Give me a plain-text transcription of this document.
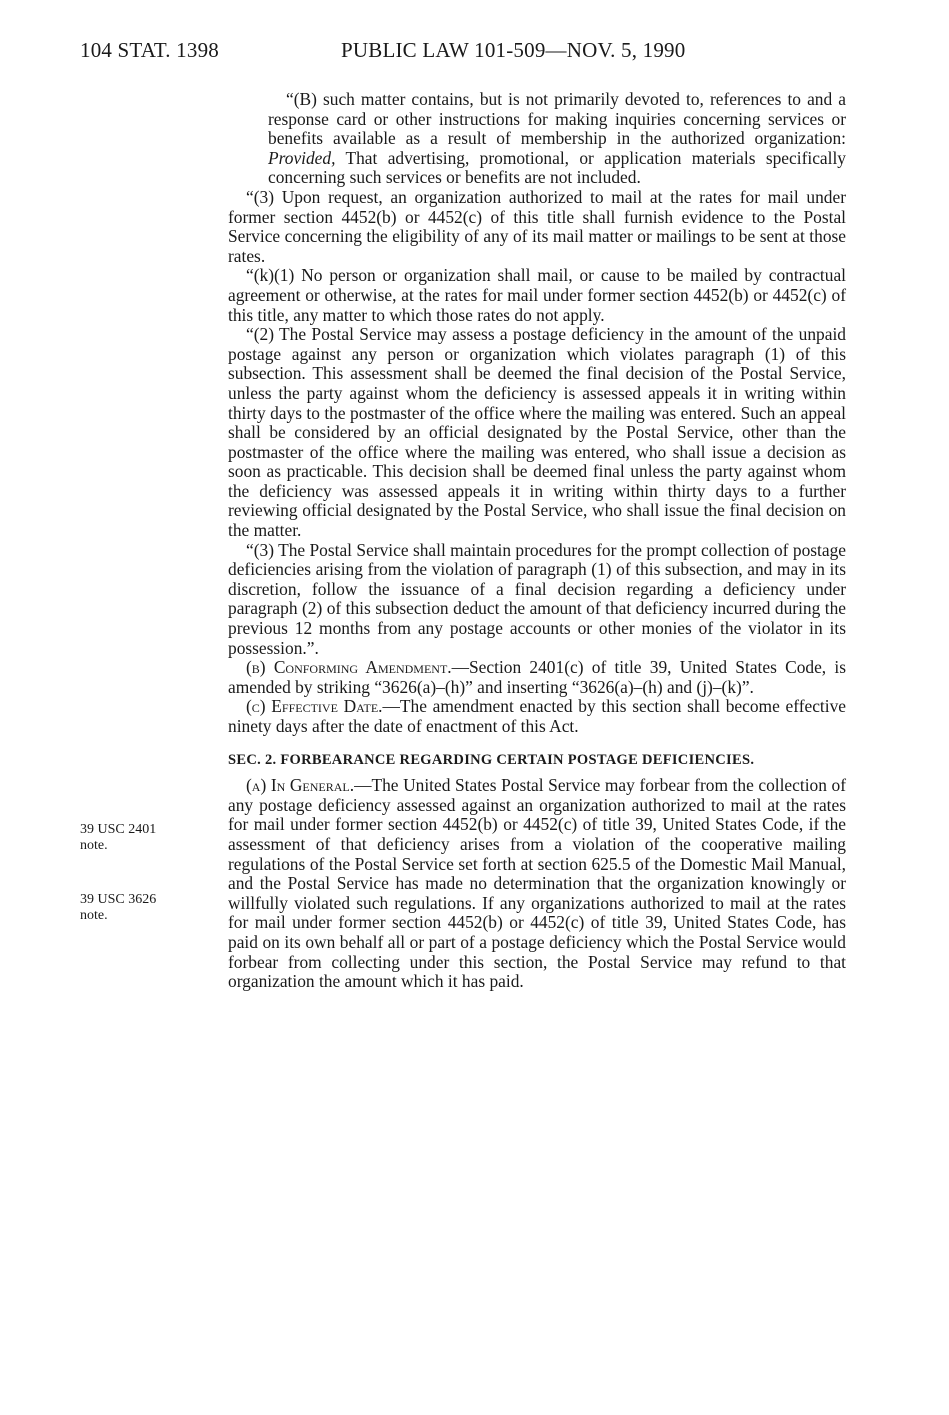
104 STAT. 1398	PUBLIC LAW 101-509—NOV. 5, 1990
39 USC 2401
note.
39 USC 3626
note.

“(B) such matter contains, but is not primarily devoted to, references to and a response card or other instructions for making inquiries concerning services or benefits available as a result of membership in the authorized organization: Provided, That advertising, promotional, or application materials specifically concerning such services or benefits are not included.

“(3) Upon request, an organization authorized to mail at the rates for mail under former section 4452(b) or 4452(c) of this title shall furnish evidence to the Postal Service concerning the eligibility of any of its mail matter or mailings to be sent at those rates.

“(k)(1) No person or organization shall mail, or cause to be mailed by contractual agreement or otherwise, at the rates for mail under former section 4452(b) or 4452(c) of this title, any matter to which those rates do not apply.

“(2) The Postal Service may assess a postage deficiency in the amount of the unpaid postage against any person or organization which violates paragraph (1) of this subsection. This assessment shall be deemed the final decision of the Postal Service, unless the party against whom the deficiency is assessed appeals it in writing within thirty days to the postmaster of the office where the mailing was entered. Such an appeal shall be considered by an official designated by the Postal Service, other than the postmaster of the office where the mailing was entered, who shall issue a decision as soon as practicable. This decision shall be deemed final unless the party against whom the deficiency was assessed appeals it in writing within thirty days to a further reviewing official designated by the Postal Service, who shall issue the final decision on the matter.

“(3) The Postal Service shall maintain procedures for the prompt collection of postage deficiencies arising from the violation of paragraph (1) of this subsection, and may in its discretion, follow the issuance of a final decision regarding a deficiency under paragraph (2) of this subsection deduct the amount of that deficiency incurred during the previous 12 months from any postage accounts or other monies of the violator in its possession.”.

(b) Conforming Amendment.—Section 2401(c) of title 39, United States Code, is amended by striking “3626(a)–(h)” and inserting “3626(a)–(h) and (j)–(k)”.

(c) Effective Date.—The amendment enacted by this section shall become effective ninety days after the date of enactment of this Act.

SEC. 2. FORBEARANCE REGARDING CERTAIN POSTAGE DEFICIENCIES.

(a) In General.—The United States Postal Service may forbear from the collection of any postage deficiency assessed against an organization authorized to mail at the rates for mail under former section 4452(b) or 4452(c) of title 39, United States Code, if the assessment of that deficiency arises from a violation of the cooperative mailing regulations of the Postal Service set forth at section 625.5 of the Domestic Mail Manual, and the Postal Service has made no determination that the organization knowingly or willfully violated such regulations. If any organizations authorized to mail at the rates for mail under former section 4452(b) or 4452(c) of title 39, United States Code, has paid on its own behalf all or part of a postage deficiency which the Postal Service would forbear from collecting under this section, the Postal Service may refund to that organization the amount which it has paid.
